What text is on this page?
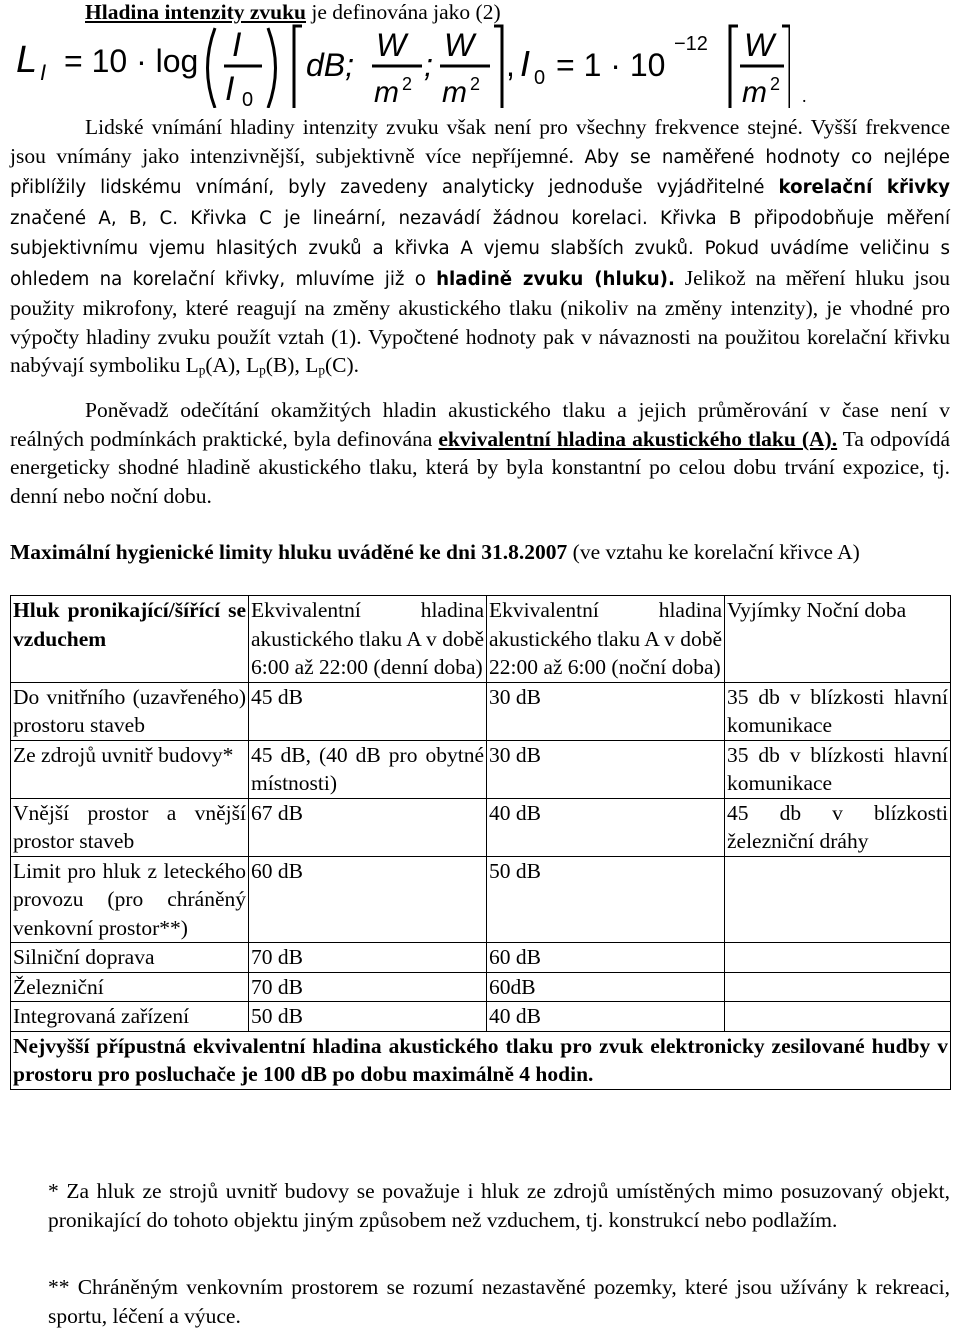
Hladina intenzity zvuku je definována jako (2)
L I = 10 · log I
I 0
dB;
W
m 2
;
W
m 2
, I 0 = 1 · 10
−12 W
m 2
.
Lidské vnímání hladiny intenzity zvuku však není pro všechny frekvence stejné. Vyšší frekvence jsou vnímány jako intenzivnější, subjektivně více nepříjemné. Aby se naměřené hodnoty co nejlépe přiblížily lidskému vnímání, byly zavedeny analyticky jednoduše vyjádřitelné korelační křivky značené A, B, C. Křivka C je lineární, nezavádí žádnou korelaci. Křivka B připodobňuje měření subjektivnímu vjemu hlasitých zvuků a křivka A vjemu slabších zvuků. Pokud uvádíme veličinu s ohledem na korelační křivky, mluvíme již o hladině zvuku (hluku). Jelikož na měření hluku jsou použity mikrofony, které reagují na změny akustického tlaku (nikoliv na změny intenzity), je vhodné pro výpočty hladiny zvuku použít vztah (1). Vypočtené hodnoty pak v návaznosti na použitou korelační křivku nabývají symboliku $L_p(A)$, $L_p(B)$, $L_p(C)$.
Poněvadž odečítání okamžitých hladin akustického tlaku a jejich průměrování v čase není v reálných podmínkách praktické, byla definována ekvivalentní hladina akustického tlaku (A). Ta odpovídá energeticky shodné hladině akustického tlaku, která by byla konstantní po celou dobu trvání expozice, tj. denní nebo noční dobu.
Maximální hygienické limity hluku uváděné ke dni 31.8.2007 (ve vztahu ke korelační křivce A)
Hluk pronikající/šířící se vzduchem	Ekvivalentní hladina akustického tlaku A v době 6:00 až 22:00 (denní doba)	Ekvivalentní hladina akustického tlaku A v době 22:00 až 6:00 (noční doba)	Vyjímky Noční doba
Do vnitřního (uzavřeného) prostoru staveb	45 dB	30 dB	35 db v blízkosti hlavní komunikace
Ze zdrojů uvnitř budovy*	45 dB, (40 dB pro obytné místnosti)	30 dB	35 db v blízkosti hlavní komunikace
Vnější prostor a vnější prostor staveb	67 dB	40 dB	45 db v blízkosti železniční dráhy
Limit pro hluk z leteckého provozu (pro chráněný venkovní prostor**)	60 dB	50 dB	
Silniční doprava	70 dB	60 dB	
Železniční	70 dB	60dB	
Integrovaná zařízení	50 dB	40 dB	
Nejvyšší přípustná ekvivalentní hladina akustického tlaku pro zvuk elektronicky zesilované hudby v prostoru pro posluchače je 100 dB po dobu maximálně 4 hodin.			
* Za hluk ze strojů uvnitř budovy se považuje i hluk ze zdrojů umístěných mimo posuzovaný objekt, pronikající do tohoto objektu jiným způsobem než vzduchem, tj. konstrukcí nebo podlažím.
** Chráněným venkovním prostorem se rozumí nezastavěné pozemky, které jsou užívány k rekreaci, sportu, léčení a výuce.
